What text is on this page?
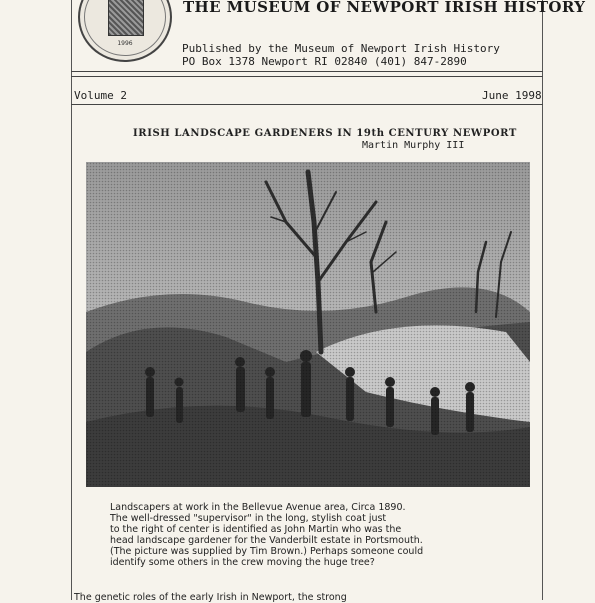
1996
THE MUSEUM OF NEWPORT IRISH HISTORY
Published by the Museum of Newport Irish History
PO Box 1378 Newport RI 02840 (401) 847-2890
Volume 2	June 1998
IRISH LANDSCAPE GARDENERS IN 19th CENTURY NEWPORT
Martin Murphy III
Landscapers at work in the Bellevue Avenue area, Circa 1890.
The well-dressed "supervisor" in the long, stylish coat just
to the right of center is identified as John Martin who was the
head landscape gardener for the Vanderbilt estate in Portsmouth.
(The picture was supplied by Tim Brown.) Perhaps someone could
identify some others in the crew moving the huge tree?
The genetic roles of the early Irish in Newport, the strong
